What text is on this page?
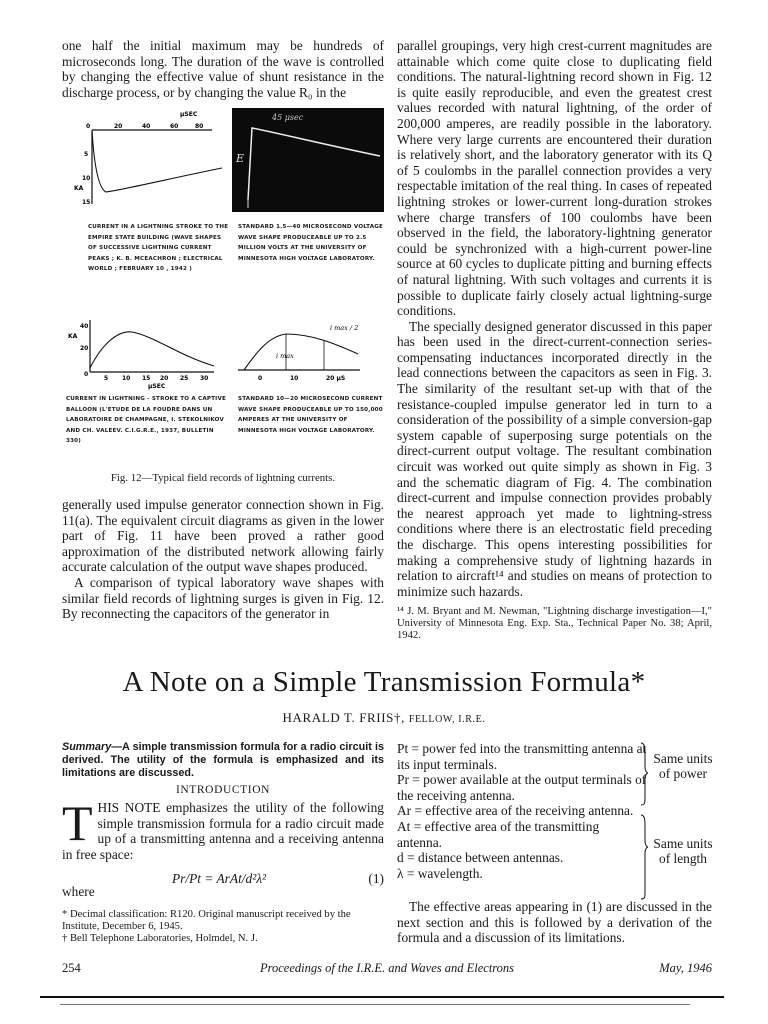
one half the initial maximum may be hundreds of microseconds long. The duration of the wave is controlled by changing the effective value of shunt resistance in the discharge process, or by changing the value R₀ in the

parallel groupings, very high crest-current magnitudes are attainable which come quite close to duplicating field conditions. The natural-lightning record shown in Fig. 12 is quite easily reproducible, and even the greatest crest values recorded with natural lightning, of the order of 200,000 amperes, are readily possible in the laboratory. Where very large currents are encountered their duration is relatively short, and the laboratory generator with its Q of 5 coulombs in the parallel connection provides a very respectable imitation of the real thing. In cases of repeated lightning strokes or lower-current long-duration strokes where charge transfers of 100 coulombs have been observed in the field, the laboratory-lightning generator could be synchronized with a high-current power-line source at 60 cycles to duplicate pitting and burning effects of natural lightning. With such voltages and currents it is possible to duplicate fairly closely actual lightning-surge conditions.

The specially designed generator discussed in this paper has been used in the direct-current-connection series-compensating inductances incorporated directly in the lead connections between the capacitors as seen in Fig. 3. The similarity of the resultant set-up with that of the resistance-coupled impulse generator led in turn to a consideration of the possibility of a simple conversion-gap system capable of superposing surge potentials on the direct-current output voltage. The resultant combination circuit was worked out quite simply as shown in Fig. 3 and the schematic diagram of Fig. 4. The combination direct-current and impulse connection provides probably the nearest approach yet made to lightning-stress conditions where there is an electrostatic field preceding the discharge. This opens interesting possibilities for making a comprehensive study of lightning hazards in relation to aircraft¹⁴ and studies on means of protection to minimize such hazards.

¹⁴ J. M. Bryant and M. Newman, "Lightning discharge investigation—I," University of Minnesota Eng. Exp. Sta., Technical Paper No. 38; April, 1942.
μSEC
0	20	40	60	80
5
10
KA
15
CURRENT IN A LIGHTNING STROKE TO THE EMPIRE STATE BUILDING (WAVE SHAPES OF SUCCESSIVE LIGHTNING CURRENT PEAKS ; K. B. MCEACHRON ; ELECTRICAL WORLD ; FEBRUARY 10 , 1942 )
45 μsec
E
STANDARD 1.5—40 MICROSECOND VOLTAGE WAVE SHAPE PRODUCEABLE UP TO 2.5 MILLION VOLTS AT THE UNIVERSITY OF MINNESOTA HIGH VOLTAGE LABORATORY.
40
KA
20
0
5 10 15 20 25 30
μSEC
CURRENT IN LIGHTNING - STROKE TO A CAPTIVE BALLOON (L'ETUDE DE LA FOUDRE DANS UN LABORATOIRE DE CHAMPAGNE, I. STEKOLNIKOV AND CH. VALEEV. C.I.G.R.E., 1937, BULLETIN 330)
i max
i max / 2
0	10	20 μS
STANDARD 10—20 MICROSECOND CURRENT WAVE SHAPE PRODUCEABLE UP TO 150,000 AMPERES AT THE UNIVERSITY OF MINNESOTA HIGH VOLTAGE LABORATORY.
Fig. 12—Typical field records of lightning currents.

generally used impulse generator connection shown in Fig. 11(a). The equivalent circuit diagrams as given in the lower part of Fig. 11 have been proved a rather good approximation of the distributed network allowing fairly accurate calculation of the output wave shapes produced.

A comparison of typical laboratory wave shapes with similar field records of lightning surges is given in Fig. 12. By reconnecting the capacitors of the generator in

A Note on a Simple Transmission Formula*
HARALD T. FRIIS†, FELLOW, I.R.E.
Summary—A simple transmission formula for a radio circuit is derived. The utility of the formula is emphasized and its limitations are discussed.
INTRODUCTION
THIS NOTE emphasizes the utility of the following simple transmission formula for a radio circuit made up of a transmitting antenna and a receiving antenna in free space:
Pr/Pt = ArAt/d²λ²	(1)
where
* Decimal classification: R120. Original manuscript received by the Institute, December 6, 1945.
† Bell Telephone Laboratories, Holmdel, N. J.
Pt = power fed into the transmitting antenna at its input terminals.
Pr = power available at the output terminals of the receiving antenna.
Ar = effective area of the receiving antenna.
At = effective area of the transmitting antenna.
d = distance between antennas.
λ = wavelength.
Same units of power
Same units of length
The effective areas appearing in (1) are discussed in the next section and this is followed by a derivation of the formula and a discussion of its limitations.
Proceedings of the I.R.E. and Waves and Electrons
254	May, 1946
